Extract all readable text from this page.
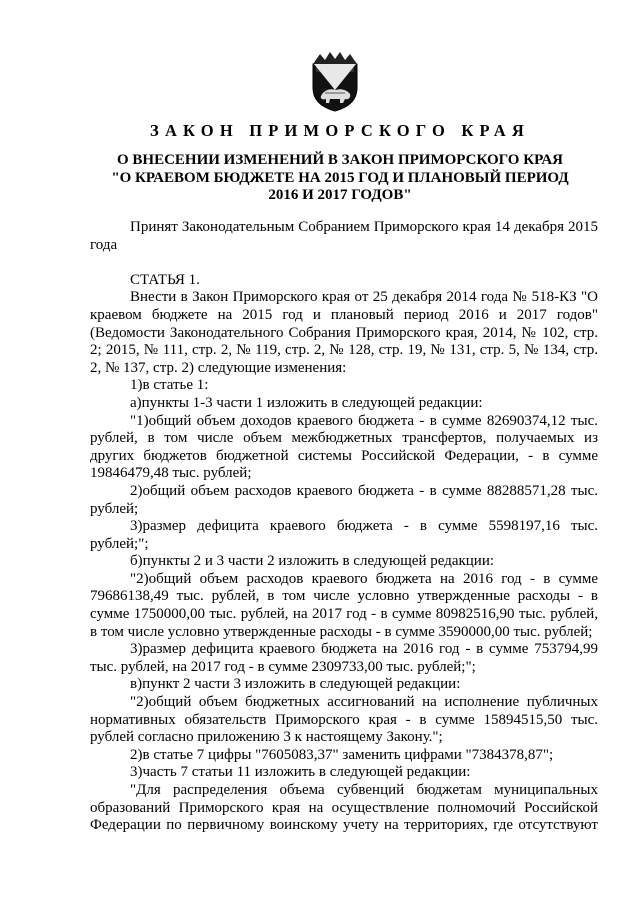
ЗАКОН ПРИМОРСКОГО КРАЯ
О ВНЕСЕНИИ ИЗМЕНЕНИЙ В ЗАКОН ПРИМОРСКОГО КРАЯ
"О КРАЕВОМ БЮДЖЕТЕ НА 2015 ГОД И ПЛАНОВЫЙ ПЕРИОД
2016 И 2017 ГОДОВ"

Принят Законодательным Собранием Приморского края 14 декабря 2015 года

СТАТЬЯ 1.

Внести в Закон Приморского края от 25 декабря 2014 года № 518-КЗ "О краевом бюджете на 2015 год и плановый период 2016 и 2017 годов" (Ведомости Законодательного Собрания Приморского края, 2014, № 102, стр. 2; 2015, № 111, стр. 2, № 119, стр. 2, № 128, стр. 19, № 131, стр. 5, № 134, стр. 2, № 137, стр. 2) следующие изменения:

1)в статье 1:

а)пункты 1-3 части 1 изложить в следующей редакции:

"1)общий объем доходов краевого бюджета - в сумме 82690374,12 тыс. рублей, в том числе объем межбюджетных трансфертов, получаемых из других бюджетов бюджетной системы Российской Федерации, - в сумме 19846479,48 тыс. рублей;

2)общий объем расходов краевого бюджета - в сумме 88288571,28 тыс. рублей;

3)размер дефицита краевого бюджета - в сумме 5598197,16 тыс. рублей;";

б)пункты 2 и 3 части 2 изложить в следующей редакции:

"2)общий объем расходов краевого бюджета на 2016 год - в сумме 79686138,49 тыс. рублей, в том числе условно утвержденные расходы - в сумме 1750000,00 тыс. рублей, на 2017 год - в сумме 80982516,90 тыс. рублей, в том числе условно утвержденные расходы - в сумме 3590000,00 тыс. рублей;

3)размер дефицита краевого бюджета на 2016 год - в сумме 753794,99 тыс. рублей, на 2017 год - в сумме 2309733,00 тыс. рублей;";

в)пункт 2 части 3 изложить в следующей редакции:

"2)общий объем бюджетных ассигнований на исполнение публичных нормативных обязательств Приморского края - в сумме 15894515,50 тыс. рублей согласно приложению 3 к настоящему Закону.";

2)в статье 7 цифры "7605083,37" заменить цифрами "7384378,87";

3)часть 7 статьи 11 изложить в следующей редакции:

"Для распределения объема субвенций бюджетам муниципальных образований Приморского края на осуществление полномочий Российской Федерации по первичному воинскому учету на территориях, где отсутствуют
